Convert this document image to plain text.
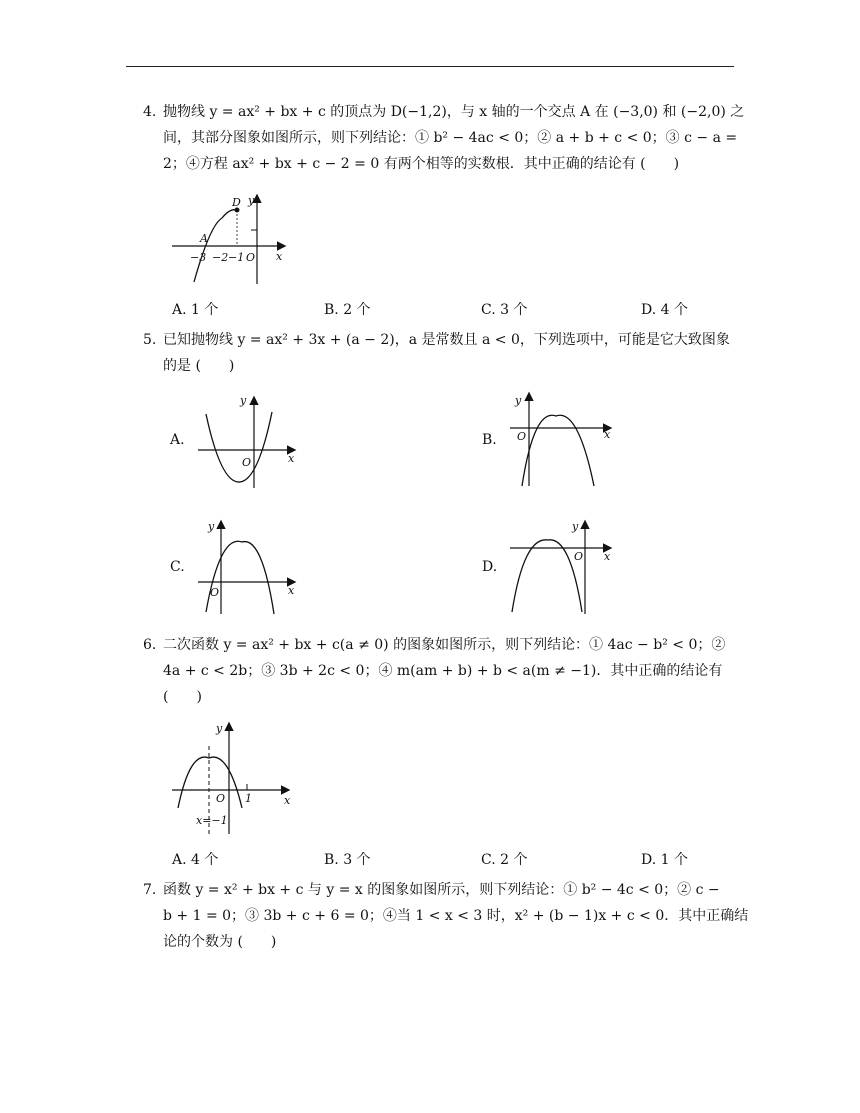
4. 抛物线 y = ax² + bx + c 的顶点为 D(−1,2)，与 x 轴的一个交点 A 在 (−3,0) 和 (−2,0) 之
间，其部分图象如图所示，则下列结论：① b² − 4ac < 0；② a + b + c < 0；③ c − a =
2；④方程 ax² + bx + c − 2 = 0 有两个相等的实数根．其中正确的结论有 (　　)
D y
x
A
−3 −2 −1 O
A. 1 个	B. 2 个	C. 3 个	D. 4 个
5. 已知抛物线 y = ax² + 3x + (a − 2)，a 是常数且 a < 0，下列选项中，可能是它大致图象
的是 (　　)
A.
y
x
O
B.
y
x
O
C.
y
x
O
D.
y
x
O
6. 二次函数 y = ax² + bx + c(a ≠ 0) 的图象如图所示，则下列结论：① 4ac − b² < 0；②
4a + c < 2b；③ 3b + 2c < 0；④ m(am + b) + b < a(m ≠ −1)．其中正确的结论有
(　　)
y
x
O 1
x=−1
A. 4 个	B. 3 个	C. 2 个	D. 1 个
7. 函数 y = x² + bx + c 与 y = x 的图象如图所示，则下列结论：① b² − 4c < 0；② c −
b + 1 = 0；③ 3b + c + 6 = 0；④当 1 < x < 3 时，x² + (b − 1)x + c < 0．其中正确结
论的个数为 (　　)
